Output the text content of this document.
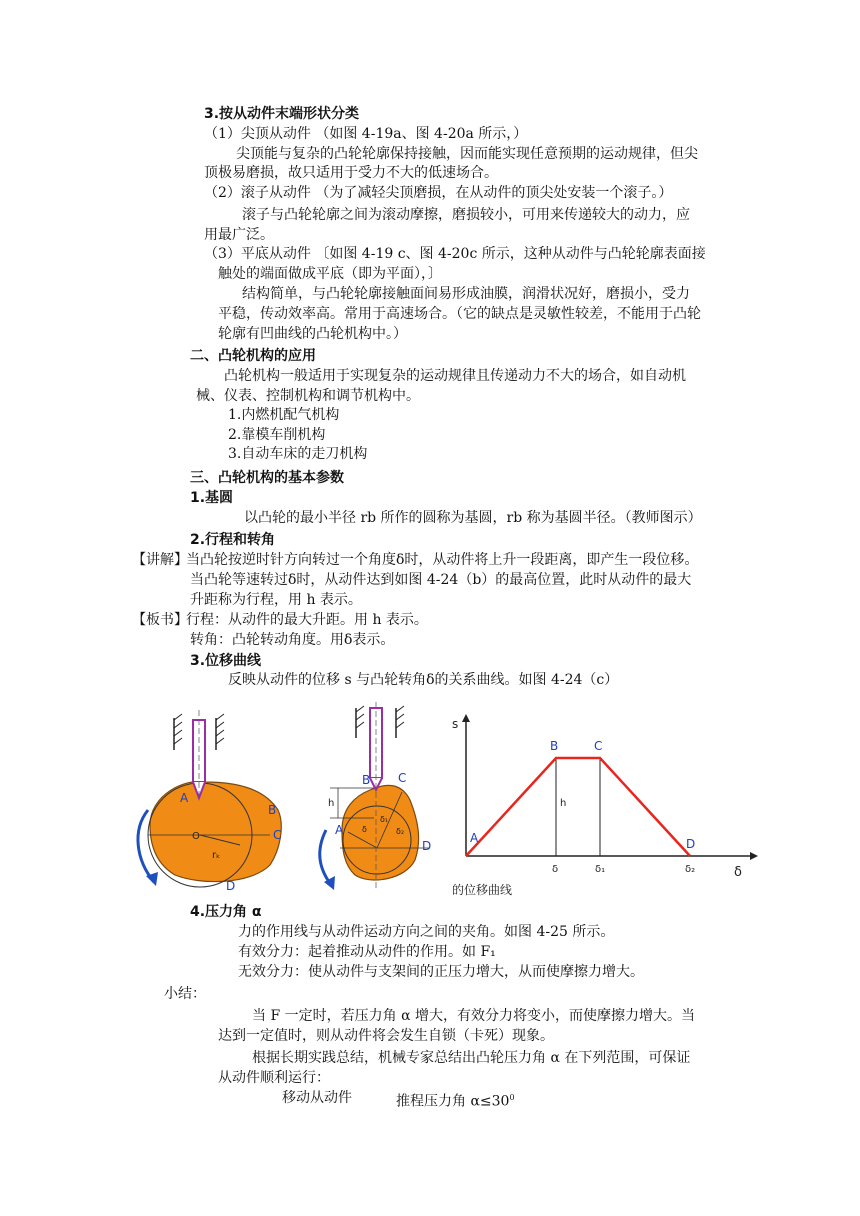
3.按从动件末端形状分类
（1）尖顶从动件 （如图 4-19a、图 4-20a 所示，）
尖顶能与复杂的凸轮轮廓保持接触，因而能实现任意预期的运动规律，但尖
顶极易磨损，故只适用于受力不大的低速场合。
（2）滚子从动件 （为了减轻尖顶磨损，在从动件的顶尖处安装一个滚子。）
滚子与凸轮轮廓之间为滚动摩擦，磨损较小，可用来传递较大的动力，应
用最广泛。
（3）平底从动件 〔如图 4-19 c、图 4-20c 所示，这种从动件与凸轮轮廓表面接
触处的端面做成平底（即为平面），〕
结构简单，与凸轮轮廓接触面间易形成油膜，润滑状况好，磨损小，受力
平稳，传动效率高。常用于高速场合。（它的缺点是灵敏性较差，不能用于凸轮
轮廓有凹曲线的凸轮机构中。）
二、凸轮机构的应用
凸轮机构一般适用于实现复杂的运动规律且传递动力不大的场合，如自动机
械、仪表、控制机构和调节机构中。
1.内燃机配气机构
2.靠模车削机构
3.自动车床的走刀机构
三、凸轮机构的基本参数
1.基圆
以凸轮的最小半径 rb 所作的圆称为基圆，rb 称为基圆半径。（教师图示）
2.行程和转角
【讲解】
当凸轮按逆时针方向转过一个角度δ时，从动件将上升一段距离，即产生一段位移。
当凸轮等速转过δ时，从动件达到如图 4-24（b）的最高位置，此时从动件的最大
升距称为行程，用 h 表示。
【板书】
行程：从动件的最大升距。用 h 表示。
转角：凸轮转动角度。用δ表示。
3.位移曲线
反映从动件的位移 s 与凸轮转角δ的关系曲线。如图 4-24（c）
A
B
C
D
O
rₖ
h
B C
A
D
δ
δ₁
δ₂
s
A
B	C
D
h
δ	δ₁	δ₂	δ
的位移曲线
4.压力角 α
力的作用线与从动件运动方向之间的夹角。如图 4-25 所示。
有效分力：起着推动从动件的作用。如 F₁
无效分力：使从动件与支架间的正压力增大，从而使摩擦力增大。
小结：
当 F 一定时，若压力角 α 增大，有效分力将变小，而使摩擦力增大。当
达到一定值时，则从动件将会发生自锁（卡死）现象。
根据长期实践总结，机械专家总结出凸轮压力角 α 在下列范围，可保证
从动件顺利运行：
移动从动件	推程压力角 $\alpha\le 30^0$
